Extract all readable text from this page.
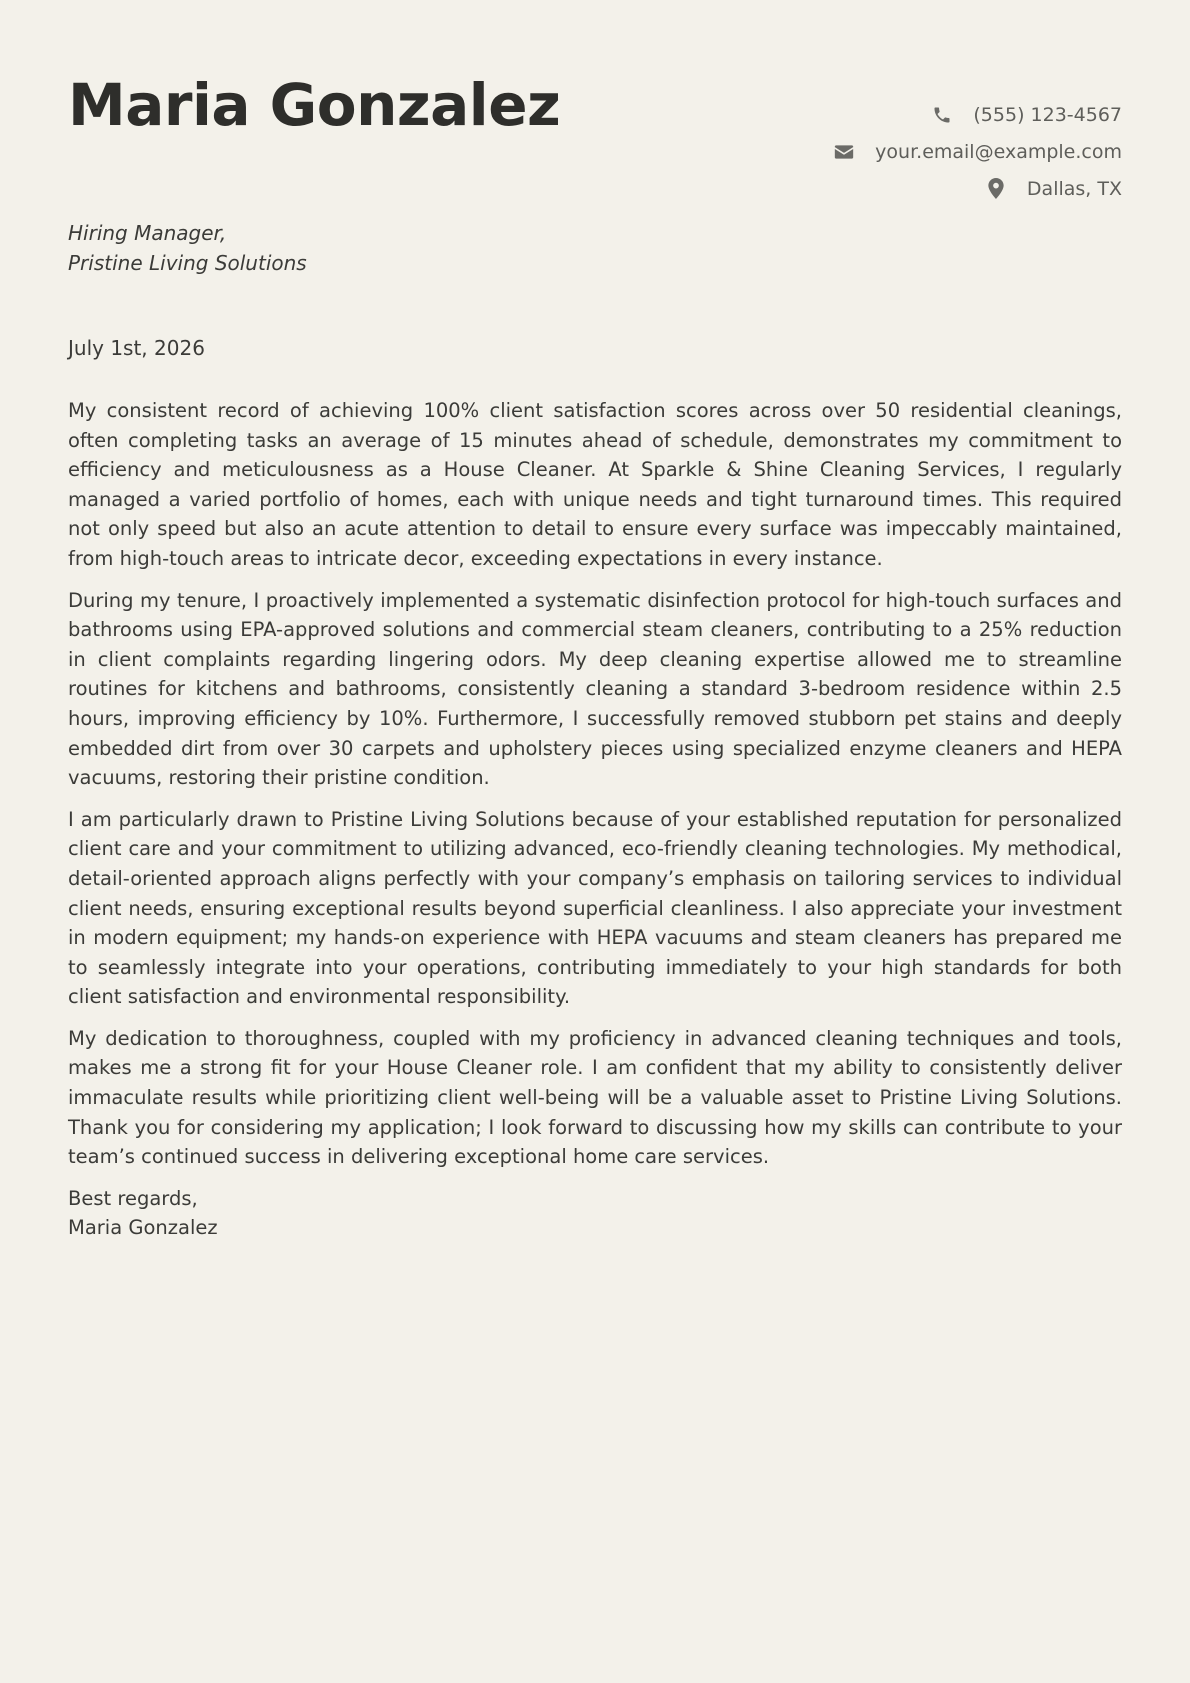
Maria Gonzalez	(555) 123-4567
your.email@example.com
Dallas, TX
Hiring Manager,
Pristine Living Solutions
July 1st, 2026

My consistent record of achieving 100% client satisfaction scores across over 50 residential cleanings, often completing tasks an average of 15 minutes ahead of schedule, demonstrates my commitment to efficiency and meticulousness as a House Cleaner. At Sparkle & Shine Cleaning Services, I regularly managed a varied portfolio of homes, each with unique needs and tight turnaround times. This required not only speed but also an acute attention to detail to ensure every surface was impeccably maintained, from high-touch areas to intricate decor, exceeding expectations in every instance.

During my tenure, I proactively implemented a systematic disinfection protocol for high-touch surfaces and bathrooms using EPA-approved solutions and commercial steam cleaners, contributing to a 25% reduction in client complaints regarding lingering odors. My deep cleaning expertise allowed me to streamline routines for kitchens and bathrooms, consistently cleaning a standard 3-bedroom residence within 2.5 hours, improving efficiency by 10%. Furthermore, I successfully removed stubborn pet stains and deeply embedded dirt from over 30 carpets and upholstery pieces using specialized enzyme cleaners and HEPA vacuums, restoring their pristine condition.

I am particularly drawn to Pristine Living Solutions because of your established reputation for personalized client care and your commitment to utilizing advanced, eco-friendly cleaning technologies. My methodical, detail-oriented approach aligns perfectly with your company’s emphasis on tailoring services to individual client needs, ensuring exceptional results beyond superficial cleanliness. I also appreciate your investment in modern equipment; my hands-on experience with HEPA vacuums and steam cleaners has prepared me to seamlessly integrate into your operations, contributing immediately to your high standards for both client satisfaction and environmental responsibility.

My dedication to thoroughness, coupled with my proficiency in advanced cleaning techniques and tools, makes me a strong fit for your House Cleaner role. I am confident that my ability to consistently deliver immaculate results while prioritizing client well-being will be a valuable asset to Pristine Living Solutions. Thank you for considering my application; I look forward to discussing how my skills can contribute to your team’s continued success in delivering exceptional home care services.

Best regards,
Maria Gonzalez
